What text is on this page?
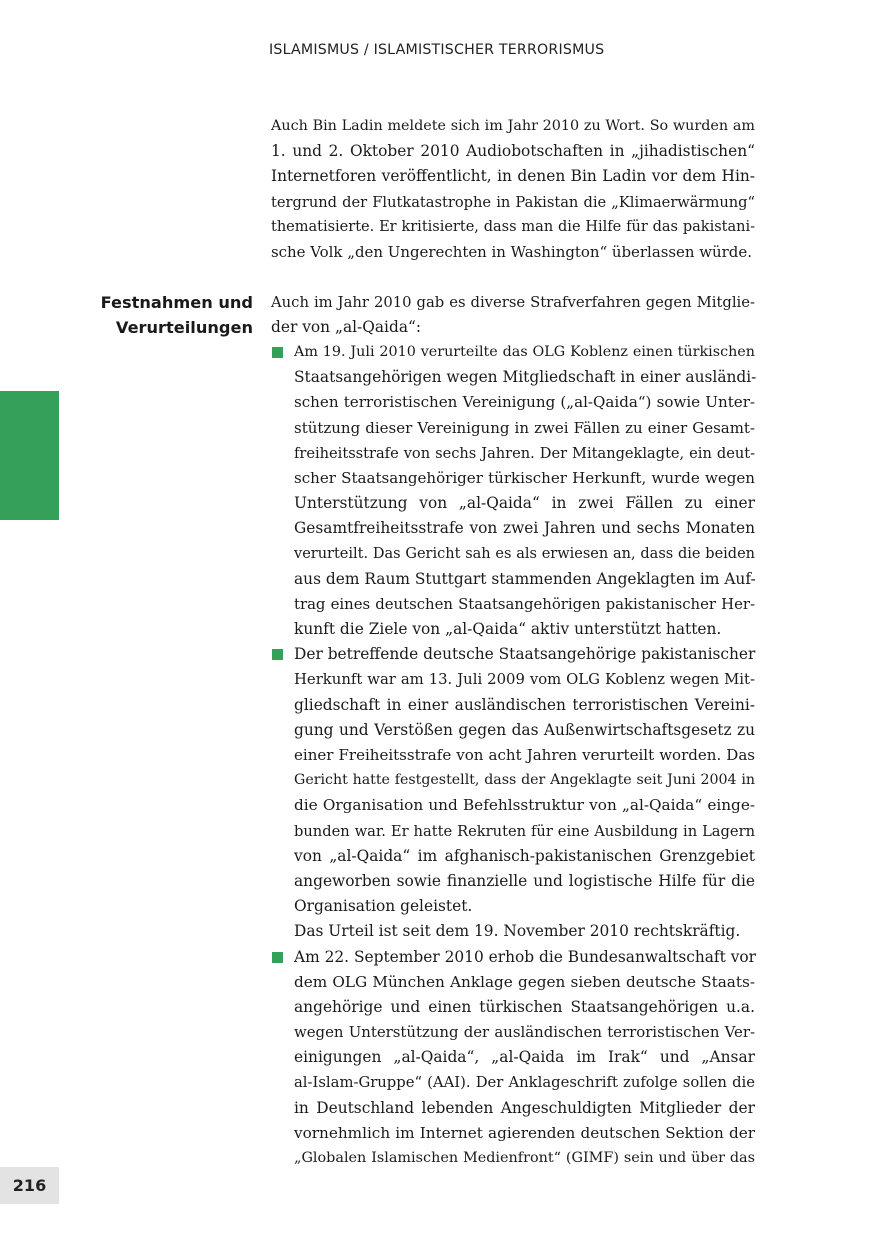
ISLAMISMUS / ISLAMISTISCHER TERRORISMUS
216
Festnahmen und
Verurteilungen
Auch Bin Ladin meldete sich im Jahr 2010 zu Wort. So wurden am
1. und 2. Oktober 2010 Audiobotschaften in „jihadistischen“
Internetforen veröffentlicht, in denen Bin Ladin vor dem Hin-
tergrund der Flutkatastrophe in Pakistan die „Klimaerwärmung“
thematisierte. Er kritisierte, dass man die Hilfe für das pakistani-
sche Volk „den Ungerechten in Washington“ überlassen würde.
Auch im Jahr 2010 gab es diverse Strafverfahren gegen Mitglie-
der von „al-Qaida“:
Am 19. Juli 2010 verurteilte das OLG Koblenz einen türkischen
Staatsangehörigen wegen Mitgliedschaft in einer ausländi-
schen terroristischen Vereinigung („al-Qaida“) sowie Unter-
stützung dieser Vereinigung in zwei Fällen zu einer Gesamt-
freiheitsstrafe von sechs Jahren. Der Mitangeklagte, ein deut-
scher Staatsangehöriger türkischer Herkunft, wurde wegen
Unterstützung von „al-Qaida“ in zwei Fällen zu einer
Gesamtfreiheitsstrafe von zwei Jahren und sechs Monaten
verurteilt. Das Gericht sah es als erwiesen an, dass die beiden
aus dem Raum Stuttgart stammenden Angeklagten im Auf-
trag eines deutschen Staatsangehörigen pakistanischer Her-
kunft die Ziele von „al-Qaida“ aktiv unterstützt hatten.
Der betreffende deutsche Staatsangehörige pakistanischer
Herkunft war am 13. Juli 2009 vom OLG Koblenz wegen Mit-
gliedschaft in einer ausländischen terroristischen Vereini-
gung und Verstößen gegen das Außenwirtschaftsgesetz zu
einer Freiheitsstrafe von acht Jahren verurteilt worden. Das
Gericht hatte festgestellt, dass der Angeklagte seit Juni 2004 in
die Organisation und Befehlsstruktur von „al-Qaida“ einge-
bunden war. Er hatte Rekruten für eine Ausbildung in Lagern
von „al-Qaida“ im afghanisch-pakistanischen Grenzgebiet
angeworben sowie finanzielle und logistische Hilfe für die
Organisation geleistet.
Das Urteil ist seit dem 19. November 2010 rechtskräftig.
Am 22. September 2010 erhob die Bundesanwaltschaft vor
dem OLG München Anklage gegen sieben deutsche Staats-
angehörige und einen türkischen Staatsangehörigen u.a.
wegen Unterstützung der ausländischen terroristischen Ver-
einigungen „al-Qaida“, „al-Qaida im Irak“ und „Ansar
al-Islam-Gruppe“ (AAI). Der Anklageschrift zufolge sollen die
in Deutschland lebenden Angeschuldigten Mitglieder der
vornehmlich im Internet agierenden deutschen Sektion der
„Globalen Islamischen Medienfront“ (GIMF) sein und über das
